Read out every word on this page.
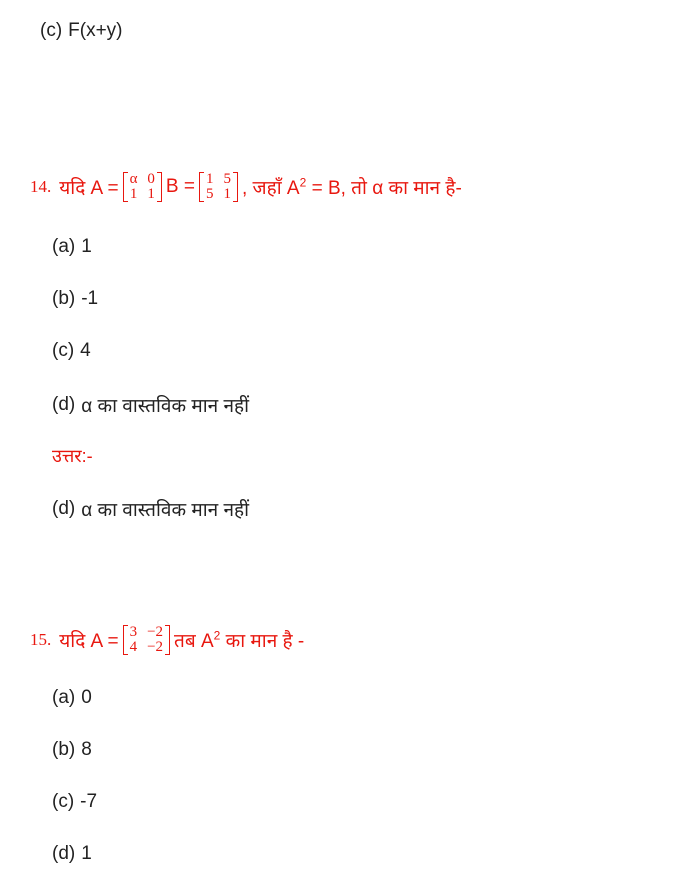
(c) F(x+y)
14. यदि A = α 0
1 1 B = 1 5
5 1 , जहाँ $A^2 = B$, तो α का मान है-
(a) 1
(b) -1
(c) 4
(d) α का वास्तविक मान नहीं
उत्तर:-
(d) α का वास्तविक मान नहीं
15. यदि A = 3 −2
4 −2 तब $A^2$ का मान है -
(a) 0
(b) 8
(c) -7
(d) 1
